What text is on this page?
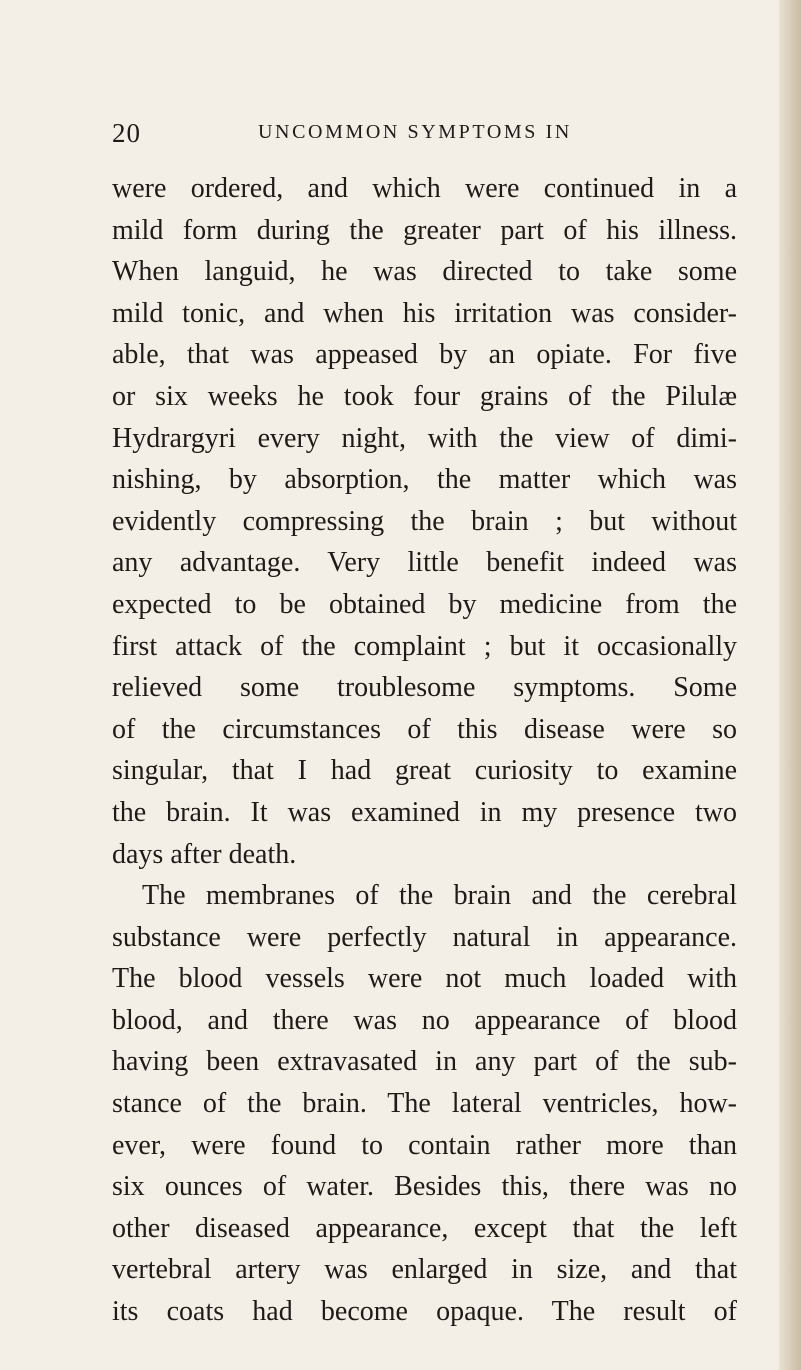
20	UNCOMMON SYMPTOMS IN
were ordered, and which were continued in a
mild form during the greater part of his illness.
When languid, he was directed to take some
mild tonic, and when his irritation was consider-
able, that was appeased by an opiate. For five
or six weeks he took four grains of the Pilulæ
Hydrargyri every night, with the view of dimi-
nishing, by absorption, the matter which was
evidently compressing the brain ; but without
any advantage. Very little benefit indeed was
expected to be obtained by medicine from the
first attack of the complaint ; but it occasionally
relieved some troublesome symptoms. Some
of the circumstances of this disease were so
singular, that I had great curiosity to examine
the brain. It was examined in my presence two
days after death.
The membranes of the brain and the cerebral
substance were perfectly natural in appearance.
The blood vessels were not much loaded with
blood, and there was no appearance of blood
having been extravasated in any part of the sub-
stance of the brain. The lateral ventricles, how-
ever, were found to contain rather more than
six ounces of water. Besides this, there was no
other diseased appearance, except that the left
vertebral artery was enlarged in size, and that
its coats had become opaque. The result of
